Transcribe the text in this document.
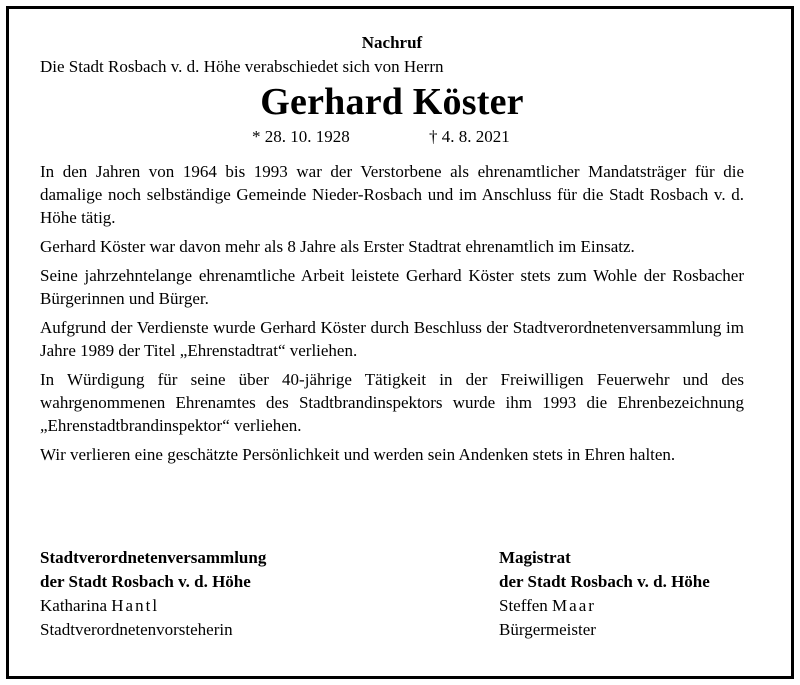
Nachruf
Die Stadt Rosbach v. d. Höhe verabschiedet sich von Herrn
Gerhard Köster
* 28. 10. 1928	† 4. 8. 2021

In den Jahren von 1964 bis 1993 war der Verstorbene als ehrenamtlicher Mandatsträger für die damalige noch selbständige Gemeinde Nieder-Rosbach und im Anschluss für die Stadt Rosbach v. d. Höhe tätig.

Gerhard Köster war davon mehr als 8 Jahre als Erster Stadtrat ehrenamtlich im Einsatz.

Seine jahrzehntelange ehrenamtliche Arbeit leistete Gerhard Köster stets zum Wohle der Rosbacher Bürgerinnen und Bürger.

Aufgrund der Verdienste wurde Gerhard Köster durch Beschluss der Stadtverordnetenversammlung im Jahre 1989 der Titel „Ehrenstadtrat“ verliehen.

In Würdigung für seine über 40-jährige Tätigkeit in der Freiwilligen Feuerwehr und des wahrgenommenen Ehrenamtes des Stadtbrandinspektors wurde ihm 1993 die Ehrenbezeichnung „Ehrenstadtbrandinspektor“ verliehen.

Wir verlieren eine geschätzte Persönlichkeit und werden sein Andenken stets in Ehren halten.

Stadtverordnetenversammlung
der Stadt Rosbach v. d. Höhe
Katharina Hantl
Stadtverordnetenvorsteherin
Magistrat
der Stadt Rosbach v. d. Höhe
Steffen Maar
Bürgermeister
